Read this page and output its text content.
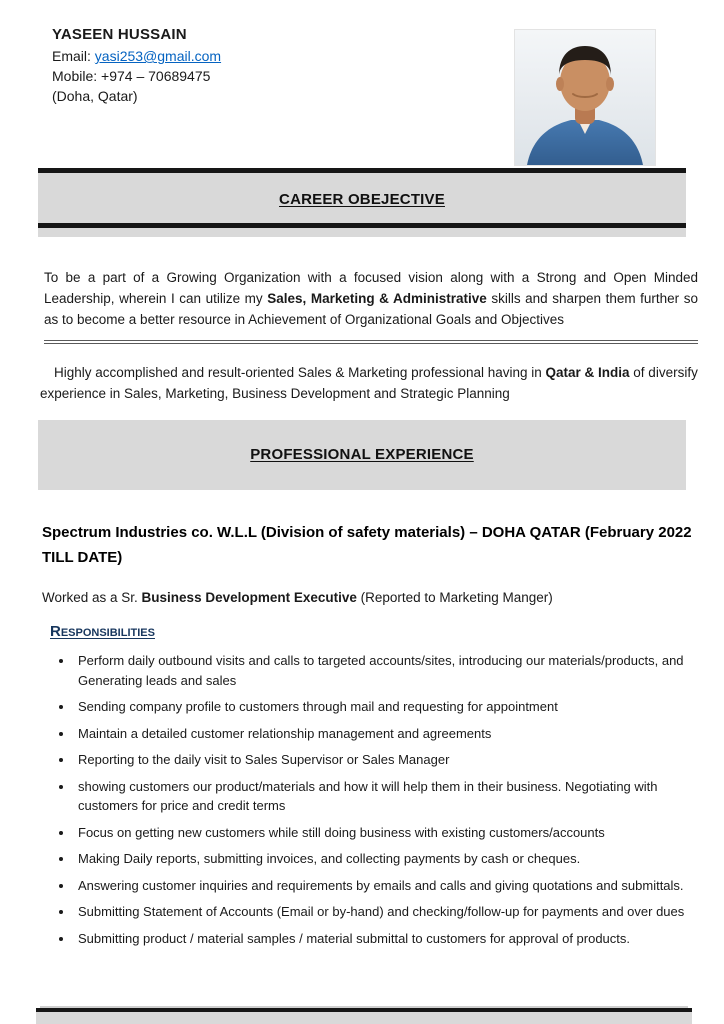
YASEEN HUSSAIN
Email: yasi253@gmail.com
Mobile: +974 – 70689475
(Doha, Qatar)
CAREER OBEJECTIVE

To be a part of a Growing Organization with a focused vision along with a Strong and Open Minded Leadership, wherein I can utilize my Sales, Marketing & Administrative skills and sharpen them further so as to become a better resource in Achievement of Organizational Goals and Objectives

Highly accomplished and result-oriented Sales & Marketing professional having in Qatar & India of diversify experience in Sales, Marketing, Business Development and Strategic Planning

PROFESSIONAL EXPERIENCE
Spectrum Industries co. W.L.L (Division of safety materials) – DOHA QATAR (February 2022 TILL DATE)
Worked as a Sr. Business Development Executive (Reported to Marketing Manger)
Responsibilities
• Perform daily outbound visits and calls to targeted accounts/sites, introducing our materials/products, and Generating leads and sales
• Sending company profile to customers through mail and requesting for appointment
• Maintain a detailed customer relationship management and agreements
• Reporting to the daily visit to Sales Supervisor or Sales Manager
• showing customers our product/materials and how it will help them in their business. Negotiating with customers for price and credit terms
• Focus on getting new customers while still doing business with existing customers/accounts
• Making Daily reports, submitting invoices, and collecting payments by cash or cheques.
• Answering customer inquiries and requirements by emails and calls and giving quotations and submittals.
• Submitting Statement of Accounts (Email or by-hand) and checking/follow-up for payments and over dues
• Submitting product / material samples / material submittal to customers for approval of products.
